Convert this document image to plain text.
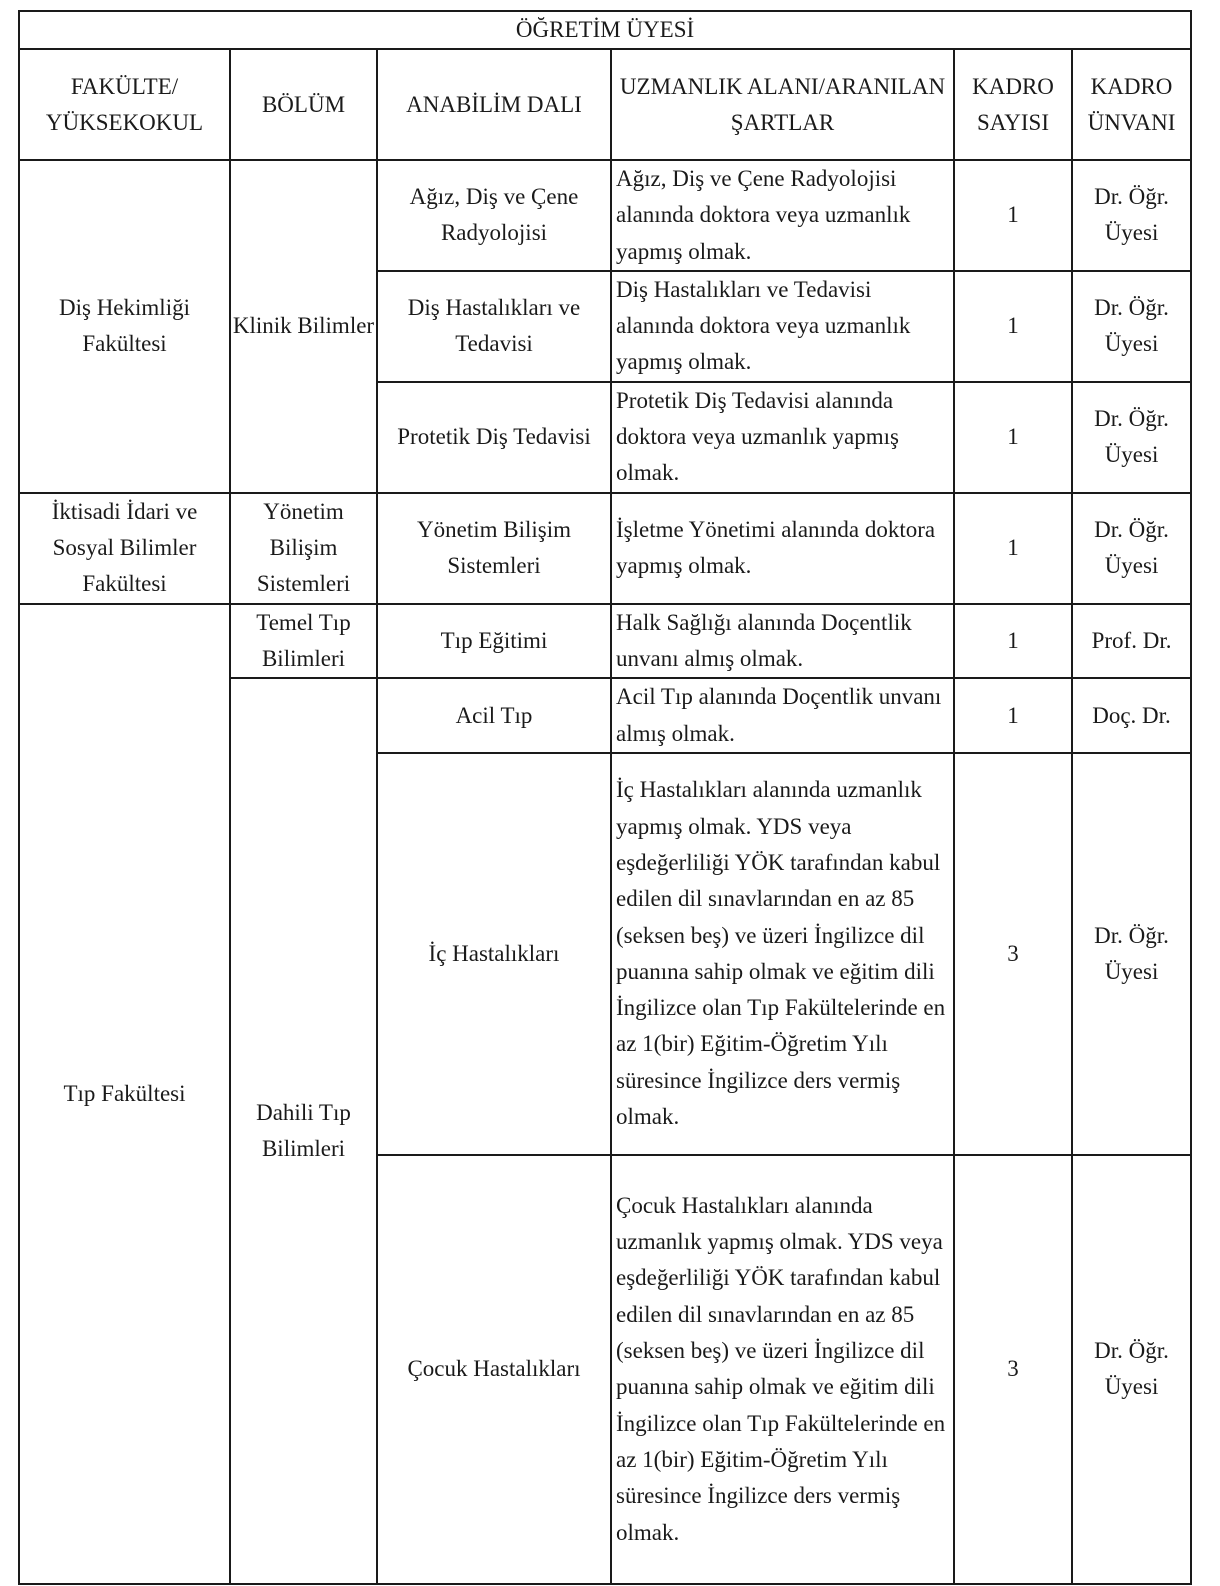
ÖĞRETİM ÜYESİ					
FAKÜLTE/ YÜKSEKOKUL	BÖLÜM	ANABİLİM DALI	UZMANLIK ALANI/ARANILAN ŞARTLAR	KADRO SAYISI	KADRO ÜNVANI
Diş Hekimliği Fakültesi	Klinik Bilimler	Ağız, Diş ve Çene Radyolojisi	Ağız, Diş ve Çene Radyolojisi alanında doktora veya uzmanlık yapmış olmak.	1	Dr. Öğr. Üyesi
		Diş Hastalıkları ve Tedavisi	Diş Hastalıkları ve Tedavisi alanında doktora veya uzmanlık yapmış olmak.	1	Dr. Öğr. Üyesi
		Protetik Diş Tedavisi	Protetik Diş Tedavisi alanında doktora veya uzmanlık yapmış olmak.	1	Dr. Öğr. Üyesi
İktisadi İdari ve Sosyal Bilimler Fakültesi	Yönetim Bilişim Sistemleri	Yönetim Bilişim Sistemleri	İşletme Yönetimi alanında doktora yapmış olmak.	1	Dr. Öğr. Üyesi
Tıp Fakültesi	Temel Tıp Bilimleri	Tıp Eğitimi	Halk Sağlığı alanında Doçentlik unvanı almış olmak.	1	Prof. Dr.
	Dahili Tıp Bilimleri	Acil Tıp	Acil Tıp alanında Doçentlik unvanı almış olmak.	1	Doç. Dr.
		İç Hastalıkları	İç Hastalıkları alanında uzmanlık yapmış olmak. YDS veya eşdeğerliliği YÖK tarafından kabul edilen dil sınavlarından en az 85 (seksen beş) ve üzeri İngilizce dil puanına sahip olmak ve eğitim dili İngilizce olan Tıp Fakültelerinde en az 1(bir) Eğitim-Öğretim Yılı süresince İngilizce ders vermiş olmak.	3	Dr. Öğr. Üyesi
		Çocuk Hastalıkları	Çocuk Hastalıkları alanında uzmanlık yapmış olmak. YDS veya eşdeğerliliği YÖK tarafından kabul edilen dil sınavlarından en az 85 (seksen beş) ve üzeri İngilizce dil puanına sahip olmak ve eğitim dili İngilizce olan Tıp Fakültelerinde en az 1(bir) Eğitim-Öğretim Yılı süresince İngilizce ders vermiş olmak.	3	Dr. Öğr. Üyesi
